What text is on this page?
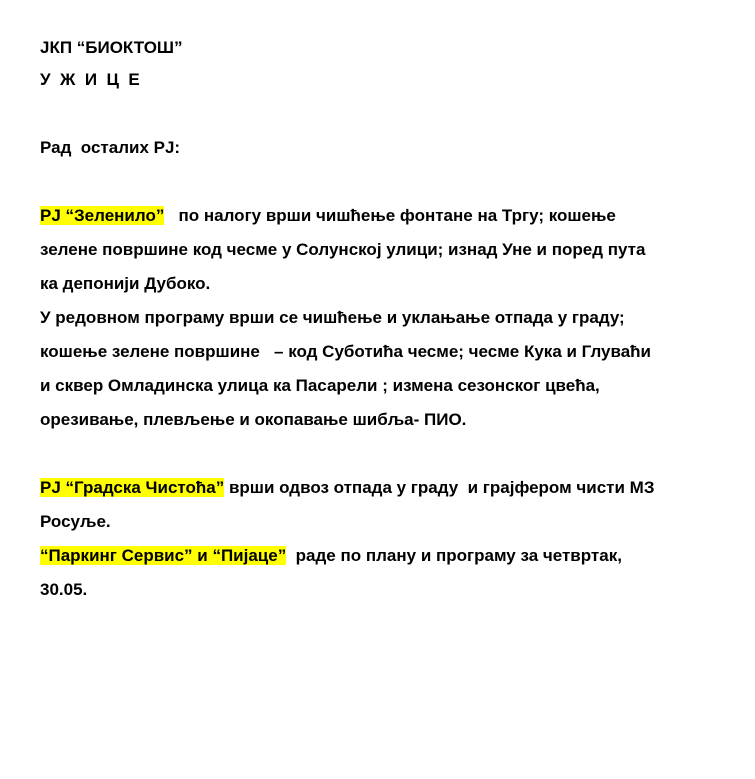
ЈКП “БИОКТОШ”
У  Ж  И  Ц  Е
Рад  осталих РЈ:
РЈ “Зеленило”   по налогу врши чишћење фонтане на Тргу; кошење
зелене површине код чесме у Солунској улици; изнад Уне и поред пута
ка депонији Дубоко.
У редовном програму врши се чишћење и уклањање отпада у граду;
кошење зелене површине   – код Суботића чесме; чесме Кука и Глуваћи
и сквер Омладинска улица ка Пасарели ; измена сезонског цвећа,
орезивање, плевљење и окопавање шибља- ПИО.
РЈ “Градска Чистоћа” врши одвоз отпада у граду  и грајфером чисти МЗ
Росуље.
“Паркинг Сервис” и “Пијаце”  раде по плану и програму за четвртак,
30.05.
